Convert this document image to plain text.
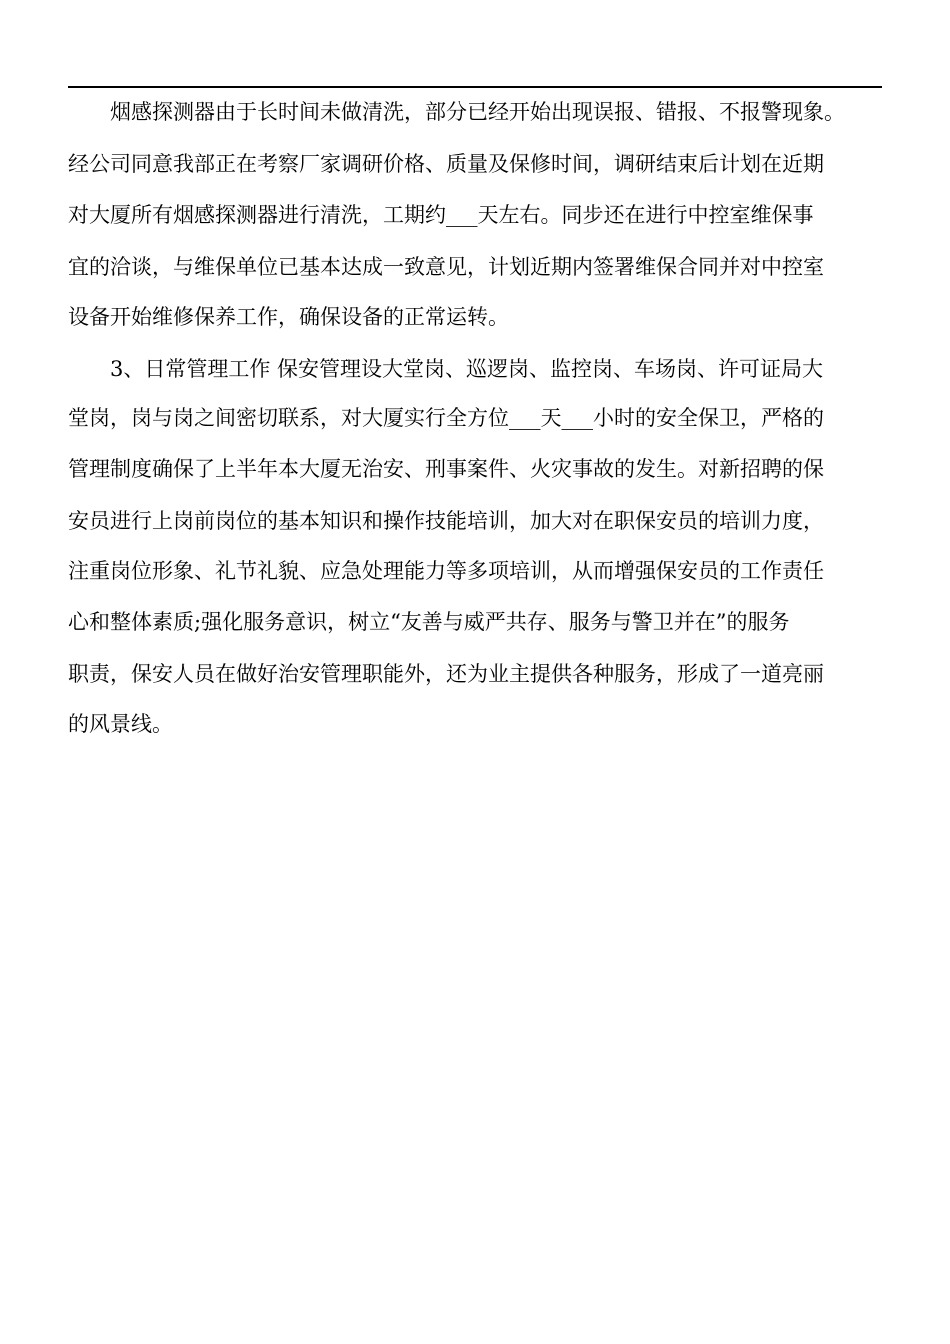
烟感探测器由于长时间未做清洗，部分已经开始出现误报、错报、不报警现象。
经公司同意我部正在考察厂家调研价格、质量及保修时间，调研结束后计划在近期
对大厦所有烟感探测器进行清洗，工期约___天左右。同步还在进行中控室维保事
宜的洽谈，与维保单位已基本达成一致意见，计划近期内签署维保合同并对中控室
设备开始维修保养工作，确保设备的正常运转。
3、日常管理工作 保安管理设大堂岗、巡逻岗、监控岗、车场岗、许可证局大
堂岗，岗与岗之间密切联系，对大厦实行全方位___天___小时的安全保卫，严格的
管理制度确保了上半年本大厦无治安、刑事案件、火灾事故的发生。对新招聘的保
安员进行上岗前岗位的基本知识和操作技能培训，加大对在职保安员的培训力度，
注重岗位形象、礼节礼貌、应急处理能力等多项培训，从而增强保安员的工作责任
心和整体素质;强化服务意识，树立“友善与威严共存、服务与警卫并在”的服务
职责，保安人员在做好治安管理职能外，还为业主提供各种服务，形成了一道亮丽
的风景线。
